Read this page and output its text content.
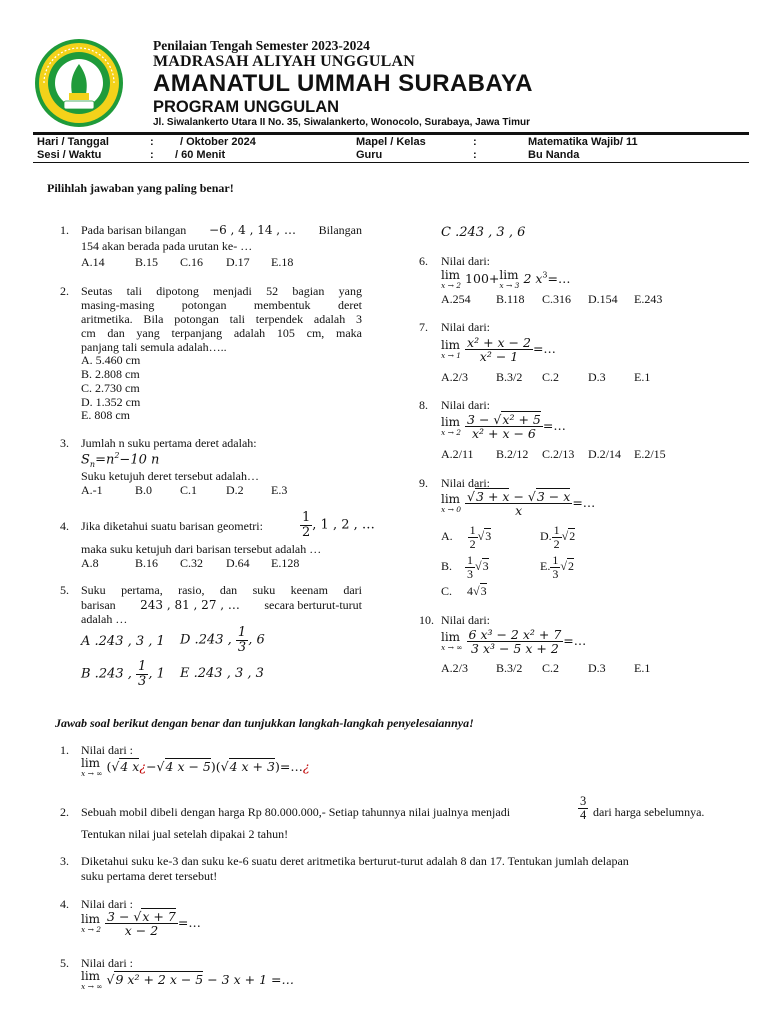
Penilaian Tengah Semester 2023-2024
MADRASAH ALIYAH UNGGULAN
AMANATUL UMMAH SURABAYA
PROGRAM UNGGULAN
Jl. Siwalankerto Utara II No. 35, Siwalankerto, Wonocolo, Surabaya, Jawa Timur
Hari / Tanggal	: / Oktober 2024	Mapel / Kelas	:	Matematika Wajib/ 11
Sesi / Waktu	: / 60 Menit	Guru	:	Bu Nanda
Pilihlah jawaban yang paling benar!
1. Pada barisan bilangan −6 , 4 , 14 , … Bilangan
154 akan berada pada urutan ke- …
A.14	B.15 C.16 D.17 E.18
2. Seutas tali dipotong menjadi 52 bagian yang
masing-masing potongan membentuk deret
aritmetika. Bila potongan tali terpendek adalah 3
cm dan yang terpanjang adalah 105 cm, maka
panjang tali semula adalah…..
A. 5.460 cm
B. 2.808 cm
C. 2.730 cm
D. 1.352 cm
E. 808 cm
3. Jumlah n suku pertama deret adalah:
$S_n=n^2-10$ n
Suku ketujuh deret tersebut adalah…
A.-1	B.0 C.1 D.2 E.3
4. Jika diketahui suatu barisan geometri:	$\frac{1}{2}$ , 1 , 2 , …
maka suku ketujuh dari barisan tersebut adalah …
A.8	B.16 C.32 D.64 E.128
5. Suku pertama, rasio, dan suku keenam dari
barisan 243 , 81 , 27 , … secara berturut-turut
adalah …
A .243 , 3 , 1 D .243 , $\frac{1}{3}$ , 6
B .243 , $\frac{1}{3}$ , 1 E .243 , 3 , 3
C .243 , 3 , 6
6. Nilai dari:
lim
x → 2 100+ lim
x → 3 2 $x^3=\dots$
A.254 B.118 C.316 D.154 E.243
7. Nilai dari:
lim
x → 1
$\frac{\text{x² + x − 2}}{\text{x² − 1}}$ =…
A.2/3 B.3/2 C.2 D.3 E.1
8. Nilai dari:
lim
x → 2
$\frac{\text{3 − √x² + 5}}{\text{x² + x − 6}}$ =…
A.2/11 B.2/12 C.2/13 D.2/14 E.2/15
9. Nilai dari:
lim
x → 0
$\frac{√3 + x - √3 - x}{x}$ =…
A. $\frac{1}{2} √3$	D. $\frac{1}{2} √2$
B. $\frac{1}{3} √3$	E. $\frac{1}{3} √2$
C. 4√3
10. Nilai dari:
lim
x → ∞
$\frac{\text{6 x³ − 2 x² + 7}}{\text{3 x³ − 5 x + 2}}$ =…
A.2/3 B.3/2 C.2 D.3 E.1
Jawab soal berikut dengan benar dan tunjukkan langkah-langkah penyelesaiannya!
1. Nilai dari :
lim
x → ∞ (√4 x¿−√4 x − 5)(√4 x + 3)=…¿
2. Sebuah mobil dibeli dengan harga Rp 80.000.000,- Setiap tahunnya nilai jualnya menjadi	$\frac{3}{4}$ dari harga sebelumnya.
Tentukan nilai jual setelah dipakai 2 tahun!
3. Diketahui suku ke-3 dan suku ke-6 suatu deret aritmetika berturut-turut adalah 8 dan 17. Tentukan jumlah delapan
suku pertama deret tersebut!
4. Nilai dari :
lim
x → 2
$\frac{3 - √x + 7}{x - 2}$ =…
5. Nilai dari :
lim
x → ∞ √9 x² + 2 x − 5 − 3 x + 1 =…
